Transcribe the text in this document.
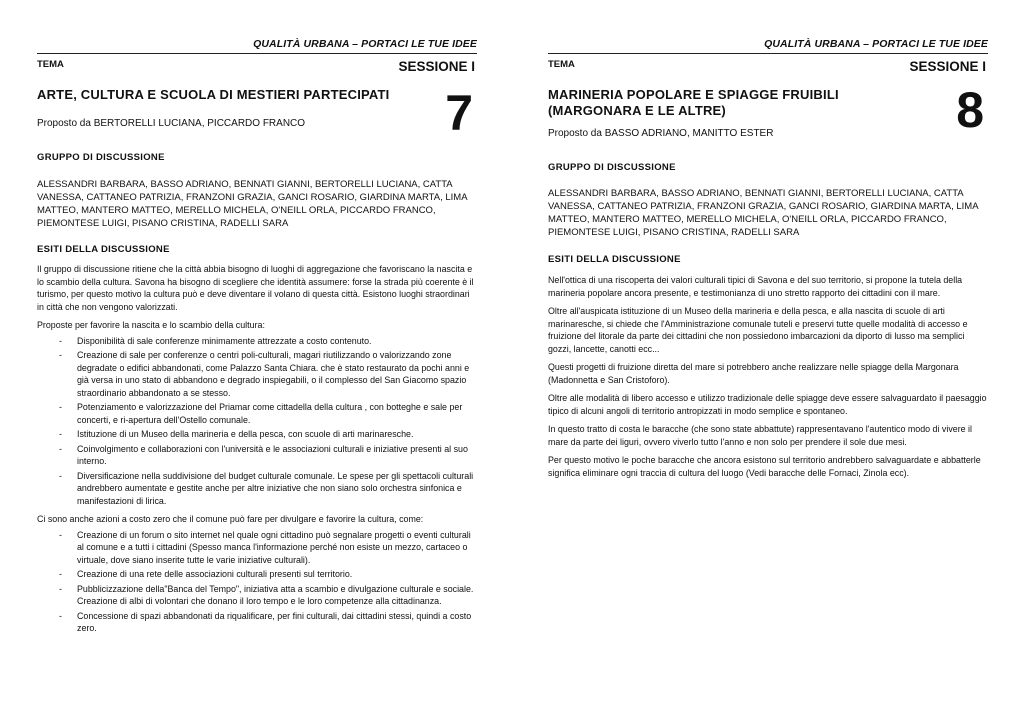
QUALITÀ URBANA – PORTACI LE TUE IDEE
TEMA	SESSIONE I
7
ARTE, CULTURA E SCUOLA DI MESTIERI PARTECIPATI
Proposto da BERTORELLI LUCIANA, PICCARDO FRANCO
GRUPPO DI DISCUSSIONE
ALESSANDRI BARBARA, BASSO ADRIANO, BENNATI GIANNI, BERTORELLI LUCIANA, CATTA VANESSA, CATTANEO PATRIZIA, FRANZONI GRAZIA, GANCI ROSARIO, GIARDINA MARTA, LIMA MATTEO, MANTERO MATTEO, MERELLO MICHELA, O'NEILL ORLA, PICCARDO FRANCO, PIEMONTESE LUIGI, PISANO CRISTINA, RADELLI SARA
ESITI DELLA DISCUSSIONE

Il gruppo di discussione ritiene che la città abbia bisogno di luoghi di aggregazione che favoriscano la nascita e lo scambio della cultura. Savona ha bisogno di scegliere che identità assumere: forse la strada più coerente è il turismo, per questo motivo la cultura può e deve diventare il volano di questa città. Esistono luoghi straordinari in città che non vengono valorizzati.

Proposte per favorire la nascita e lo scambio della cultura:

- Disponibilità di sale conferenze minimamente attrezzate a costo contenuto.
- Creazione di sale per conferenze o centri poli-culturali, magari riutilizzando o valorizzando zone degradate o edifici abbandonati, come Palazzo Santa Chiara. che è stato restaurato da pochi anni e già versa in uno stato di abbandono e degrado inspiegabili, o il complesso del San Giacomo spazio straordinario abbandonato a se stesso.
- Potenziamento e valorizzazione del Priamar come cittadella della cultura , con botteghe e sale per concerti, e ri-apertura dell'Ostello comunale.
- Istituzione di un Museo della marineria e della pesca, con scuole di arti marinaresche.
- Coinvolgimento e collaborazioni con l'università e le associazioni culturali e iniziative presenti al suo interno.
- Diversificazione nella suddivisione del budget culturale comunale. Le spese per gli spettacoli culturali andrebbero aumentate e gestite anche per altre iniziative che non siano solo orchestra sinfonica e manifestazioni di lirica.

Ci sono anche azioni a costo zero che il comune può fare per divulgare e favorire la cultura, come:

- Creazione di un forum o sito internet nel quale ogni cittadino può segnalare progetti o eventi culturali al comune e a tutti i cittadini (Spesso manca l'informazione perché non esiste un mezzo, cartaceo o virtuale, dove siano inserite tutte le varie iniziative culturali).
- Creazione di una rete delle associazioni culturali presenti sul territorio.
- Pubblicizzazione della"Banca del Tempo", iniziativa atta a scambio e divulgazione culturale e sociale. Creazione di albi di volontari che donano il loro tempo e le loro competenze alla cittadinanza.
- Concessione di spazi abbandonati da riqualificare, per fini culturali, dai cittadini stessi, quindi a costo zero.
QUALITÀ URBANA – PORTACI LE TUE IDEE
TEMA	SESSIONE I
8
MARINERIA POPOLARE E SPIAGGE FRUIBILI
(MARGONARA E LE ALTRE)
Proposto da BASSO ADRIANO, MANITTO ESTER
GRUPPO DI DISCUSSIONE
ALESSANDRI BARBARA, BASSO ADRIANO, BENNATI GIANNI, BERTORELLI LUCIANA, CATTA VANESSA, CATTANEO PATRIZIA, FRANZONI GRAZIA, GANCI ROSARIO, GIARDINA MARTA, LIMA MATTEO, MANTERO MATTEO, MERELLO MICHELA, O'NEILL ORLA, PICCARDO FRANCO, PIEMONTESE LUIGI, PISANO CRISTINA, RADELLI SARA
ESITI DELLA DISCUSSIONE

Nell'ottica di una riscoperta dei valori culturali tipici di Savona e del suo territorio, si propone la tutela della marineria popolare ancora presente, e testimonianza di uno stretto rapporto dei cittadini con il mare.

Oltre all'auspicata istituzione di un Museo della marineria e della pesca, e alla nascita di scuole di arti marinaresche, si chiede che l'Amministrazione comunale tuteli e preservi tutte quelle modalità di accesso e fruizione del litorale da parte dei cittadini che non possiedono imbarcazioni da diporto di lusso ma semplici gozzi, lancette, canotti ecc...

Questi progetti di fruizione diretta del mare si potrebbero anche realizzare nelle spiagge della Margonara (Madonnetta e San Cristoforo).

Oltre alle modalità di libero accesso e utilizzo tradizionale delle spiagge deve essere salvaguardato il paesaggio tipico di alcuni angoli di territorio antropizzati in modo semplice e spontaneo.

In questo tratto di costa le baracche (che sono state abbattute) rappresentavano l'autentico modo di vivere il mare da parte dei liguri, ovvero viverlo tutto l'anno e non solo per prendere il sole due mesi.

Per questo motivo le poche baracche che ancora esistono sul territorio andrebbero salvaguardate e abbatterle significa eliminare ogni traccia di cultura del luogo (Vedi baracche delle Fornaci, Zinola ecc).
